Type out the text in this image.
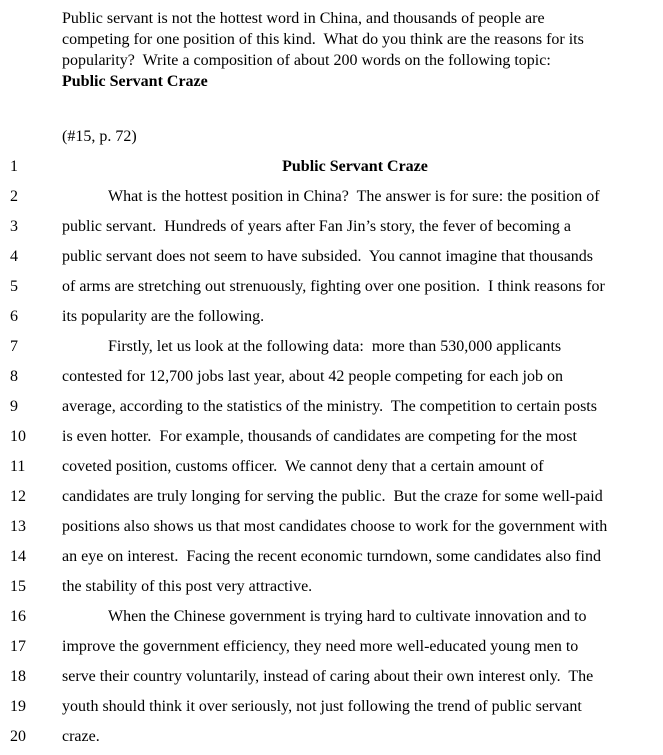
Public servant is not the hottest word in China, and thousands of people are
competing for one position of this kind.  What do you think are the reasons for its
popularity?  Write a composition of about 200 words on the following topic:
Public Servant Craze
(#15, p. 72)
1	Public Servant Craze
2	What is the hottest position in China?  The answer is for sure: the position of
3	public servant.  Hundreds of years after Fan Jin’s story, the fever of becoming a
4	public servant does not seem to have subsided.  You cannot imagine that thousands
5	of arms are stretching out strenuously, fighting over one position.  I think reasons for
6	its popularity are the following.
7	Firstly, let us look at the following data:  more than 530,000 applicants
8	contested for 12,700 jobs last year, about 42 people competing for each job on
9	average, according to the statistics of the ministry.  The competition to certain posts
10 is even hotter.  For example, thousands of candidates are competing for the most
11 coveted position, customs officer.  We cannot deny that a certain amount of
12 candidates are truly longing for serving the public.  But the craze for some well-paid
13 positions also shows us that most candidates choose to work for the government with
14 an eye on interest.  Facing the recent economic turndown, some candidates also find
15 the stability of this post very attractive.
16	When the Chinese government is trying hard to cultivate innovation and to
17 improve the government efficiency, they need more well-educated young men to
18 serve their country voluntarily, instead of caring about their own interest only.  The
19 youth should think it over seriously, not just following the trend of public servant
20 craze.
